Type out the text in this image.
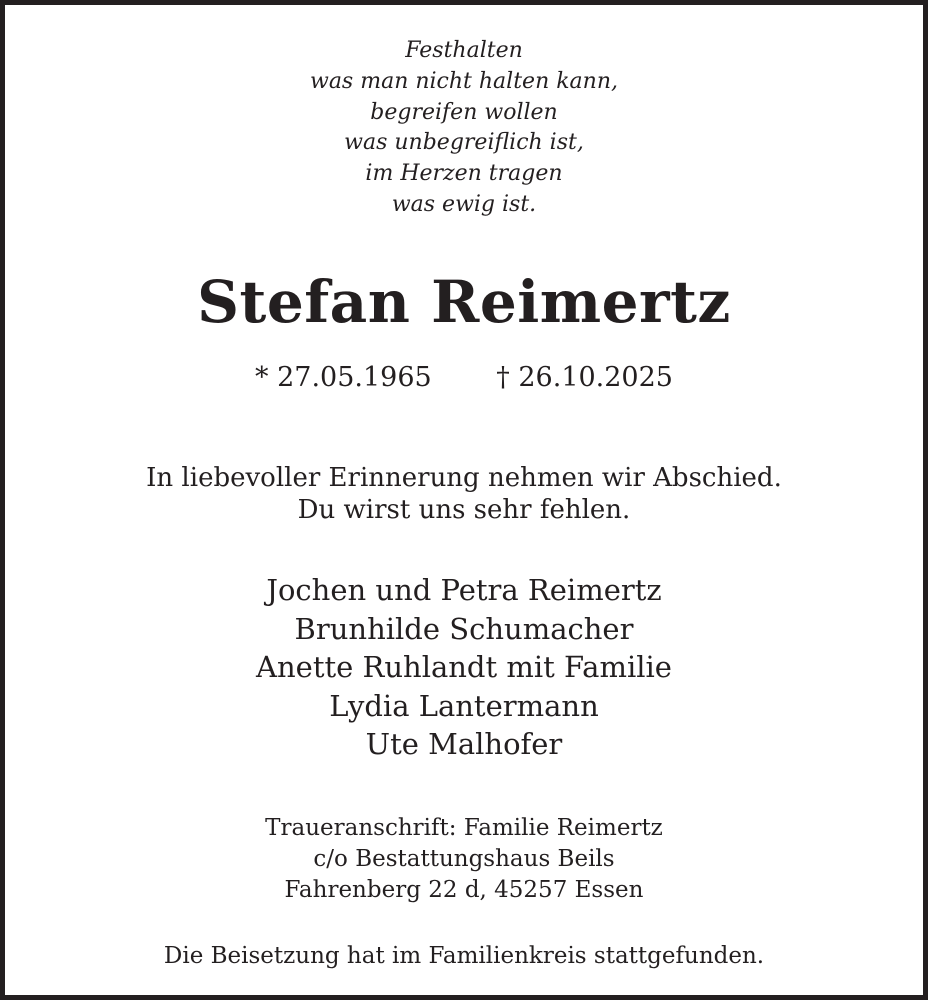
Festhalten
was man nicht halten kann,
begreifen wollen
was unbegreiflich ist,
im Herzen tragen
was ewig ist.
Stefan Reimertz
* 27.05.1965 † 26.10.2025
In liebevoller Erinnerung nehmen wir Abschied.
Du wirst uns sehr fehlen.
Jochen und Petra Reimertz
Brunhilde Schumacher
Anette Ruhlandt mit Familie
Lydia Lantermann
Ute Malhofer
Traueranschrift: Familie Reimertz
c/o Bestattungshaus Beils
Fahrenberg 22 d, 45257 Essen
Die Beisetzung hat im Familienkreis stattgefunden.
